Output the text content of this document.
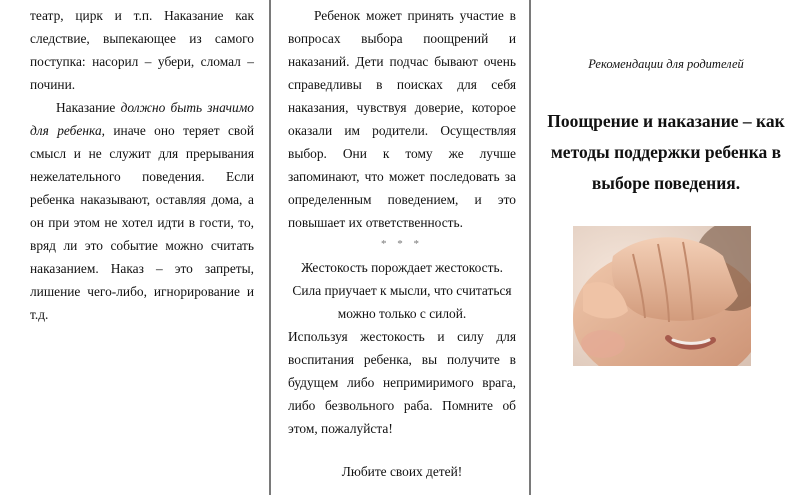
театр, цирк и т.п. Наказание как следствие, выпекающее из самого поступка: насорил – убери, сломал – почини.

Наказание должно быть значимо для ребенка, иначе оно теряет свой смысл и не служит для прерывания нежелательного поведения. Если ребенка наказывают, оставляя дома, а он при этом не хотел идти в гости, то, вряд ли это событие можно считать наказанием. Наказ – это запреты, лишение чего-либо, игнорирование и т.д.

Ребенок может принять участие в вопросах выбора поощрений и наказаний. Дети подчас бывают очень справедливы в поисках для себя наказания, чувствуя доверие, которое оказали им родители. Осуществляя выбор. Они к тому же лучше запоминают, что может последовать за определенным поведением, и это повышает их ответственность.

* * *

Жестокость порождает жестокость.

Сила приучает к мысли, что считаться можно только с силой.

Используя жестокость и силу для воспитания ребенка, вы получите в будущем либо непримиримого врага, либо безвольного раба. Помните об этом, пожалуйста!

Любите своих детей!

Рекомендации для родителей
Поощрение и наказание – как методы поддержки ребенка в выборе поведения.
